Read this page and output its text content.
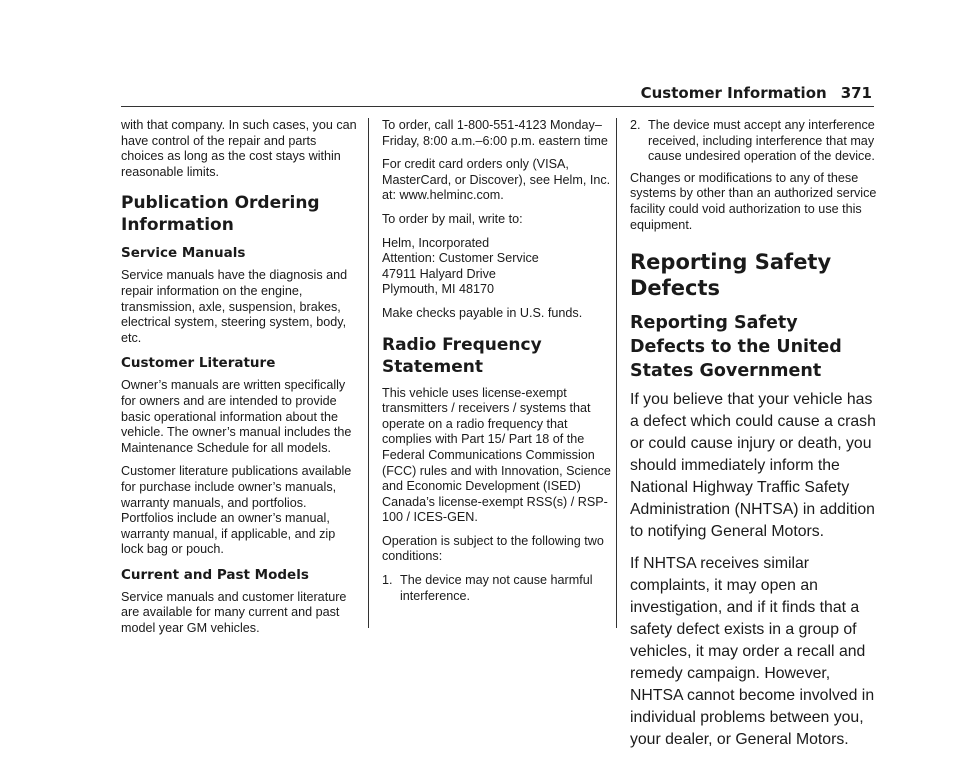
Customer Information 371

with that company. In such cases, you can have control of the repair and parts choices as long as the cost stays within reasonable limits.

Publication Ordering Information
Service Manuals

Service manuals have the diagnosis and repair information on the engine, transmission, axle, suspension, brakes, electrical system, steering system, body, etc.

Customer Literature

Owner’s manuals are written specifically for owners and are intended to provide basic operational information about the vehicle. The owner’s manual includes the Maintenance Schedule for all models.

Customer literature publications available for purchase include owner’s manuals, warranty manuals, and portfolios. Portfolios include an owner’s manual, warranty manual, if applicable, and zip lock bag or pouch.

Current and Past Models

Service manuals and customer literature are available for many current and past model year GM vehicles.

To order, call 1-800-551-4123 Monday–Friday, 8:00 a.m.–6:00 p.m. eastern time

For credit card orders only (VISA, MasterCard, or Discover), see Helm, Inc. at: www.helminc.com.

To order by mail, write to:

Helm, Incorporated
Attention: Customer Service
47911 Halyard Drive
Plymouth, MI 48170

Make checks payable in U.S. funds.

Radio Frequency Statement

This vehicle uses license-exempt transmitters / receivers / systems that operate on a radio frequency that complies with Part 15/ Part 18 of the Federal Communications Commission (FCC) rules and with Innovation, Science and Economic Development (ISED) Canada’s license-exempt RSS(s) / RSP-100 / ICES-GEN.

Operation is subject to the following two conditions:

1. The device may not cause harmful interference.

2. The device must accept any interference received, including interference that may cause undesired operation of the device.

Changes or modifications to any of these systems by other than an authorized service facility could void authorization to use this equipment.

Reporting Safety Defects
Reporting Safety Defects to the United States Government

If you believe that your vehicle has a defect which could cause a crash or could cause injury or death, you should immediately inform the National Highway Traffic Safety Administration (NHTSA) in addition to notifying General Motors.

If NHTSA receives similar complaints, it may open an investigation, and if it finds that a safety defect exists in a group of vehicles, it may order a recall and remedy campaign. However, NHTSA cannot become involved in individual problems between you, your dealer, or General Motors.
